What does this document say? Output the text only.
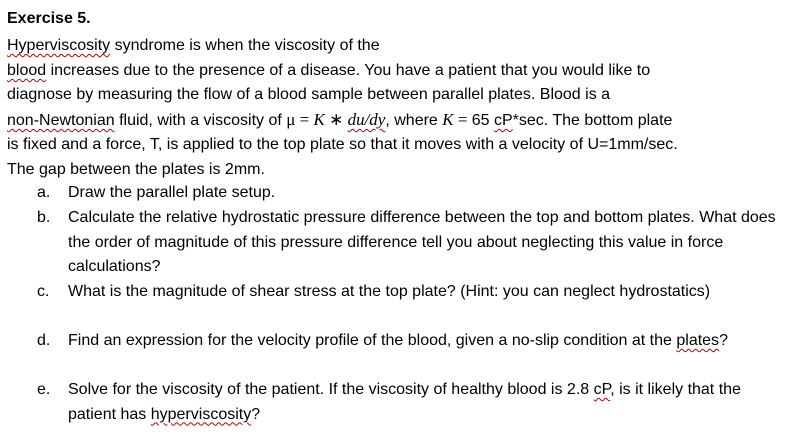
Exercise 5.
Hyperviscosity syndrome is when the viscosity of the
blood increases due to the presence of a disease. You have a patient that you would like to
diagnose by measuring the flow of a blood sample between parallel plates. Blood is a
non-Newtonian fluid, with a viscosity of μ = K ∗ du/dy, where K = 65 cP*sec. The bottom plate
is fixed and a force, T, is applied to the top plate so that it moves with a velocity of U=1mm/sec.
The gap between the plates is 2mm.
a.	Draw the parallel plate setup.
b.	Calculate the relative hydrostatic pressure difference between the top and bottom plates. What does the order of magnitude of this pressure difference tell you about neglecting this value in force calculations?
c.	What is the magnitude of shear stress at the top plate? (Hint: you can neglect hydrostatics)
d.	Find an expression for the velocity profile of the blood, given a no-slip condition at the plates?
e.	Solve for the viscosity of the patient. If the viscosity of healthy blood is 2.8 cP, is it likely that the patient has hyperviscosity?
